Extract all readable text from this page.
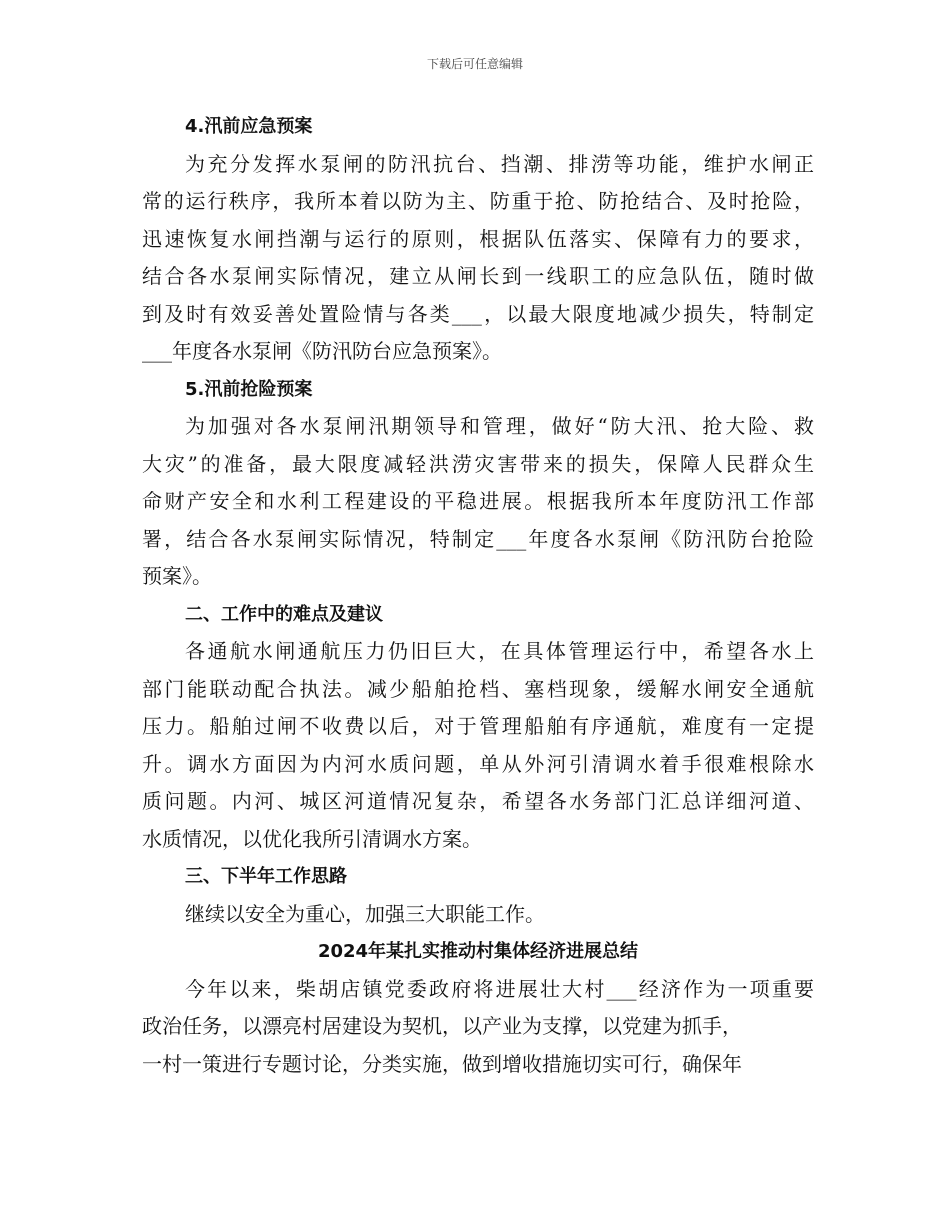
下载后可任意编辑
4.汛前应急预案
为充分发挥水泵闸的防汛抗台、挡潮、排涝等功能，维护水闸正
常的运行秩序，我所本着以防为主、防重于抢、防抢结合、及时抢险，
迅速恢复水闸挡潮与运行的原则，根据队伍落实、保障有力的要求，
结合各水泵闸实际情况，建立从闸长到一线职工的应急队伍，随时做
到及时有效妥善处置险情与各类___，以最大限度地减少损失，特制定
___年度各水泵闸《防汛防台应急预案》。
5.汛前抢险预案
为加强对各水泵闸汛期领导和管理，做好“防大汛、抢大险、救
大灾”的准备，最大限度减轻洪涝灾害带来的损失，保障人民群众生
命财产安全和水利工程建设的平稳进展。根据我所本年度防汛工作部
署，结合各水泵闸实际情况，特制定___年度各水泵闸《防汛防台抢险
预案》。
二、工作中的难点及建议
各通航水闸通航压力仍旧巨大，在具体管理运行中，希望各水上
部门能联动配合执法。减少船舶抢档、塞档现象，缓解水闸安全通航
压力。船舶过闸不收费以后，对于管理船舶有序通航，难度有一定提
升。调水方面因为内河水质问题，单从外河引清调水着手很难根除水
质问题。内河、城区河道情况复杂，希望各水务部门汇总详细河道、
水质情况，以优化我所引清调水方案。
三、下半年工作思路
继续以安全为重心，加强三大职能工作。
2024年某扎实推动村集体经济进展总结
今年以来，柴胡店镇党委政府将进展壮大村___经济作为一项重要
政治任务，以漂亮村居建设为契机，以产业为支撑，以党建为抓手，
一村一策进行专题讨论，分类实施，做到增收措施切实可行，确保年
